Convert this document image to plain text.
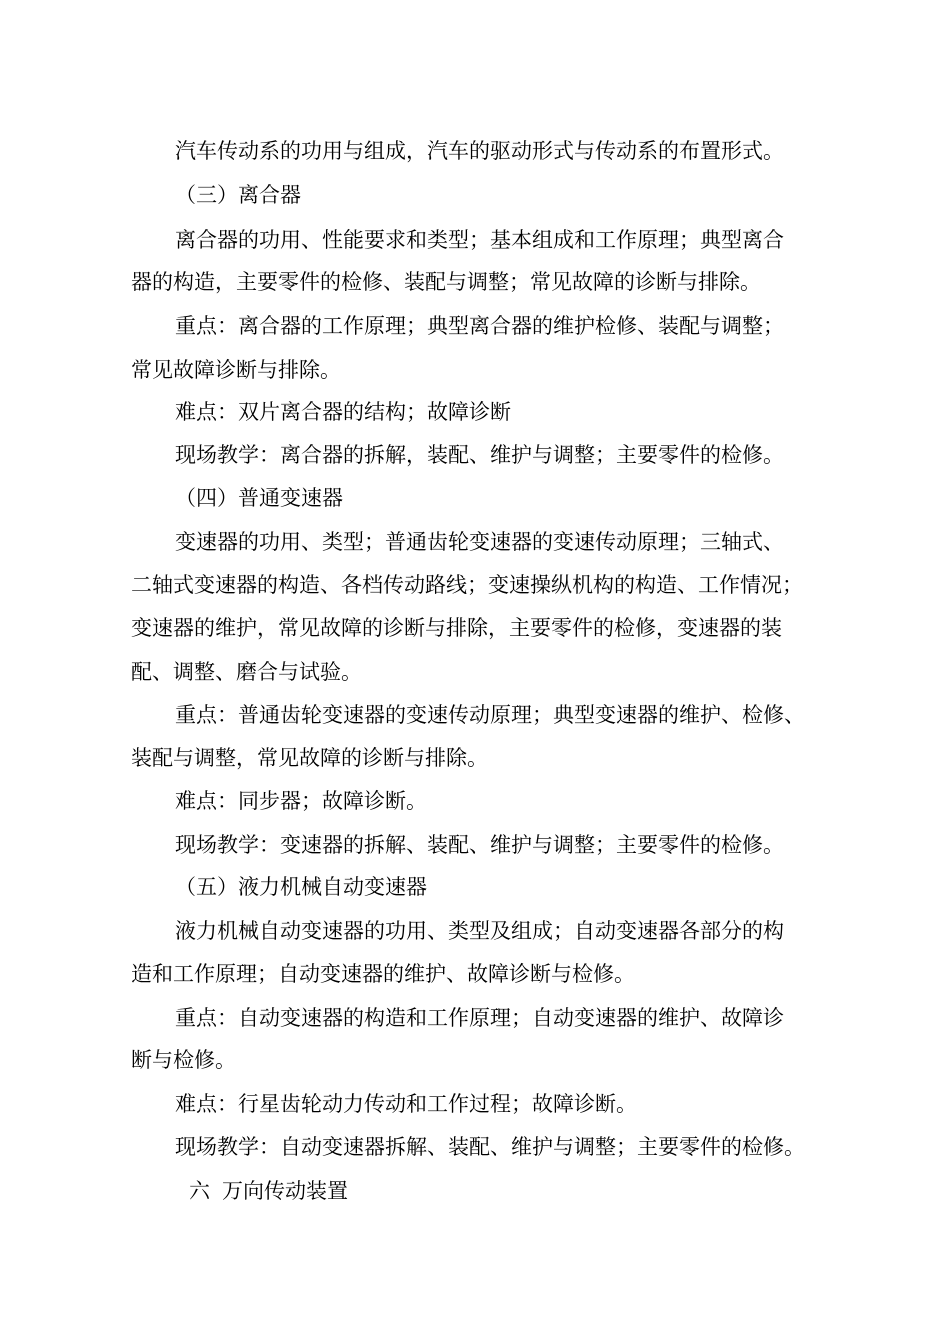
汽车传动系的功用与组成，汽车的驱动形式与传动系的布置形式。
（三）离合器
离合器的功用、性能要求和类型；基本组成和工作原理；典型离合
器的构造，主要零件的检修、装配与调整；常见故障的诊断与排除。
重点：离合器的工作原理；典型离合器的维护检修、装配与调整；
常见故障诊断与排除。
难点：双片离合器的结构；故障诊断
现场教学：离合器的拆解，装配、维护与调整；主要零件的检修。
（四）普通变速器
变速器的功用、类型；普通齿轮变速器的变速传动原理；三轴式、
二轴式变速器的构造、各档传动路线；变速操纵机构的构造、工作情况；
变速器的维护，常见故障的诊断与排除，主要零件的检修，变速器的装
配、调整、磨合与试验。
重点：普通齿轮变速器的变速传动原理；典型变速器的维护、检修、
装配与调整，常见故障的诊断与排除。
难点：同步器；故障诊断。
现场教学：变速器的拆解、装配、维护与调整；主要零件的检修。
（五）液力机械自动变速器
液力机械自动变速器的功用、类型及组成；自动变速器各部分的构
造和工作原理；自动变速器的维护、故障诊断与检修。
重点：自动变速器的构造和工作原理；自动变速器的维护、故障诊
断与检修。
难点：行星齿轮动力传动和工作过程；故障诊断。
现场教学：自动变速器拆解、装配、维护与调整；主要零件的检修。
六 万向传动装置
